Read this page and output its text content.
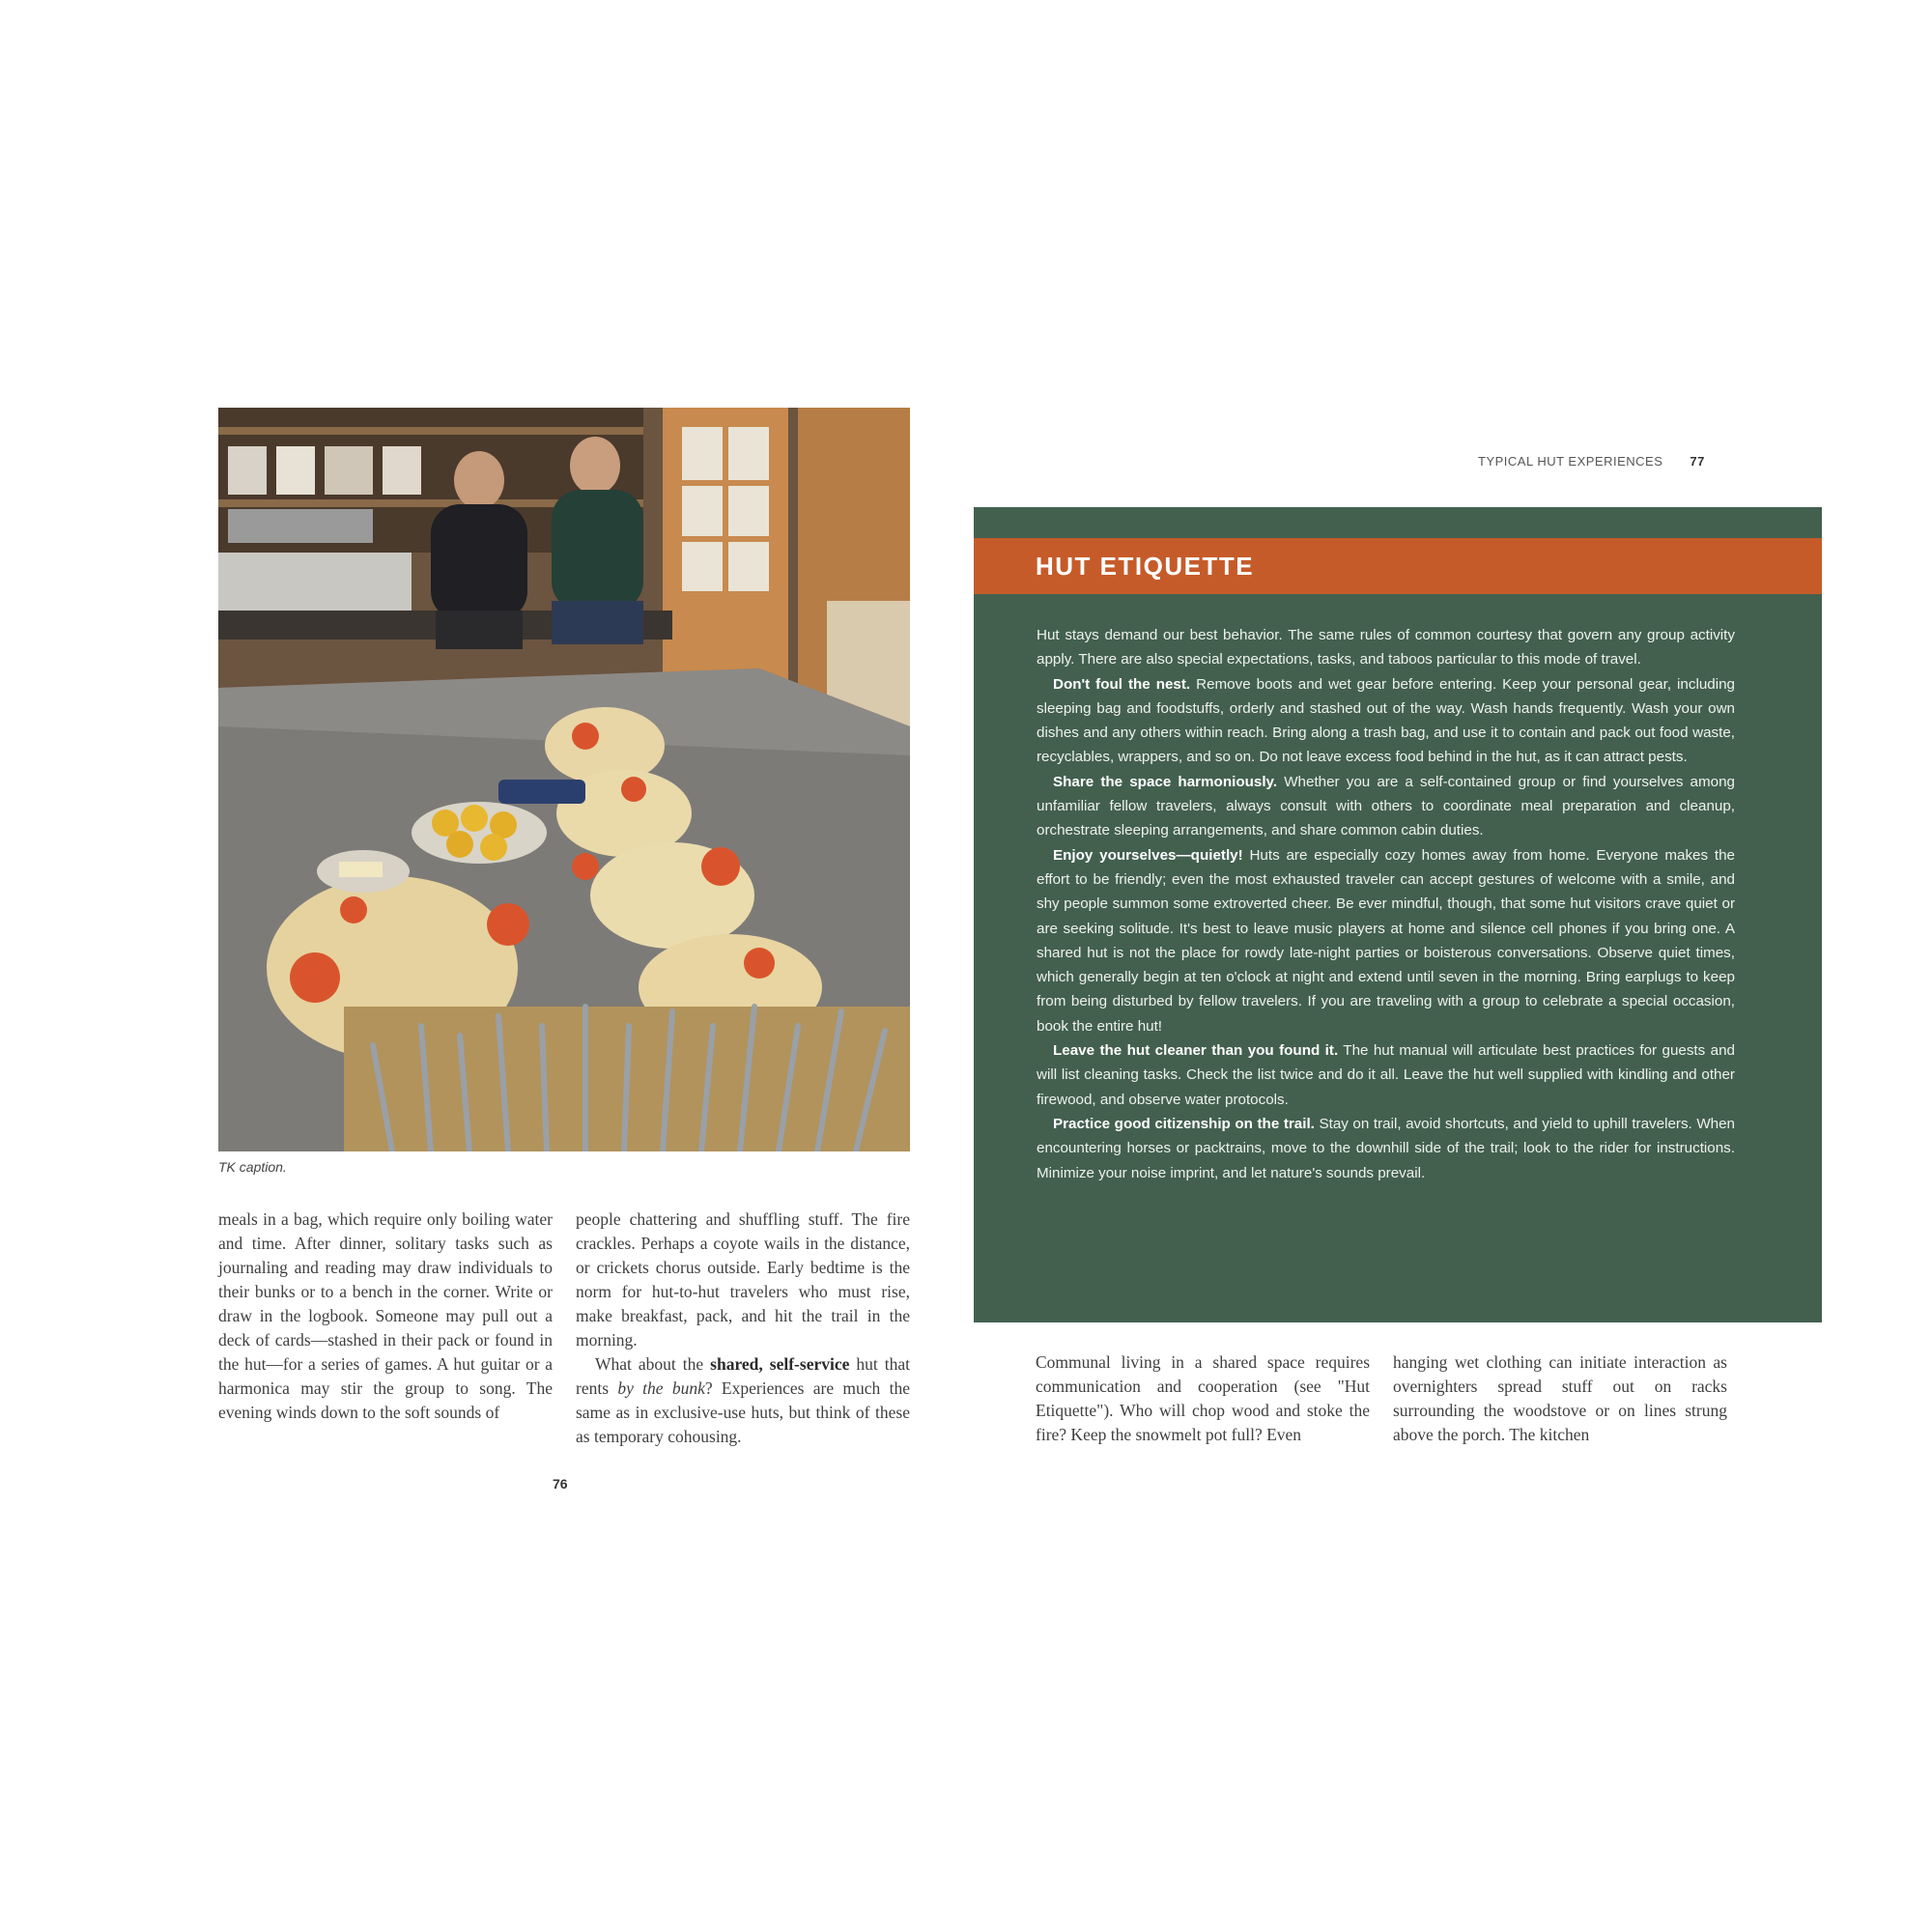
TK caption.

meals in a bag, which require only boiling water and time. After dinner, solitary tasks such as journaling and reading may draw individuals to their bunks or to a bench in the corner. Write or draw in the logbook. Someone may pull out a deck of cards—stashed in their pack or found in the hut—for a series of games. A hut guitar or a harmonica may stir the group to song. The evening winds down to the soft sounds of

people chattering and shuffling stuff. The fire crackles. Perhaps a coyote wails in the distance, or crickets chorus outside. Early bedtime is the norm for hut-to-hut travelers who must rise, make breakfast, pack, and hit the trail in the morning.

What about the shared, self-service hut that rents by the bunk? Experiences are much the same as in exclusive-use huts, but think of these as temporary cohousing.

76
TYPICAL HUT EXPERIENCES 77
HUT ETIQUETTE

Hut stays demand our best behavior. The same rules of common courtesy that govern any group activity apply. There are also special expectations, tasks, and taboos particular to this mode of travel.

Don't foul the nest. Remove boots and wet gear before entering. Keep your personal gear, including sleeping bag and foodstuffs, orderly and stashed out of the way. Wash hands frequently. Wash your own dishes and any others within reach. Bring along a trash bag, and use it to contain and pack out food waste, recyclables, wrappers, and so on. Do not leave excess food behind in the hut, as it can attract pests.

Share the space harmoniously. Whether you are a self-contained group or find yourselves among unfamiliar fellow travelers, always consult with others to coordinate meal preparation and cleanup, orchestrate sleeping arrangements, and share common cabin duties.

Enjoy yourselves—quietly! Huts are especially cozy homes away from home. Everyone makes the effort to be friendly; even the most exhausted traveler can accept gestures of welcome with a smile, and shy people summon some extroverted cheer. Be ever mindful, though, that some hut visitors crave quiet or are seeking solitude. It's best to leave music players at home and silence cell phones if you bring one. A shared hut is not the place for rowdy late-night parties or boisterous conversations. Observe quiet times, which generally begin at ten o'clock at night and extend until seven in the morning. Bring earplugs to keep from being disturbed by fellow travelers. If you are traveling with a group to celebrate a special occasion, book the entire hut!

Leave the hut cleaner than you found it. The hut manual will articulate best practices for guests and will list cleaning tasks. Check the list twice and do it all. Leave the hut well supplied with kindling and other firewood, and observe water protocols.

Practice good citizenship on the trail. Stay on trail, avoid shortcuts, and yield to uphill travelers. When encountering horses or packtrains, move to the downhill side of the trail; look to the rider for instructions. Minimize your noise imprint, and let nature's sounds prevail.

Communal living in a shared space requires communication and cooperation (see "Hut Etiquette"). Who will chop wood and stoke the fire? Keep the snowmelt pot full? Even

hanging wet clothing can initiate interaction as overnighters spread stuff out on racks surrounding the woodstove or on lines strung above the porch. The kitchen
